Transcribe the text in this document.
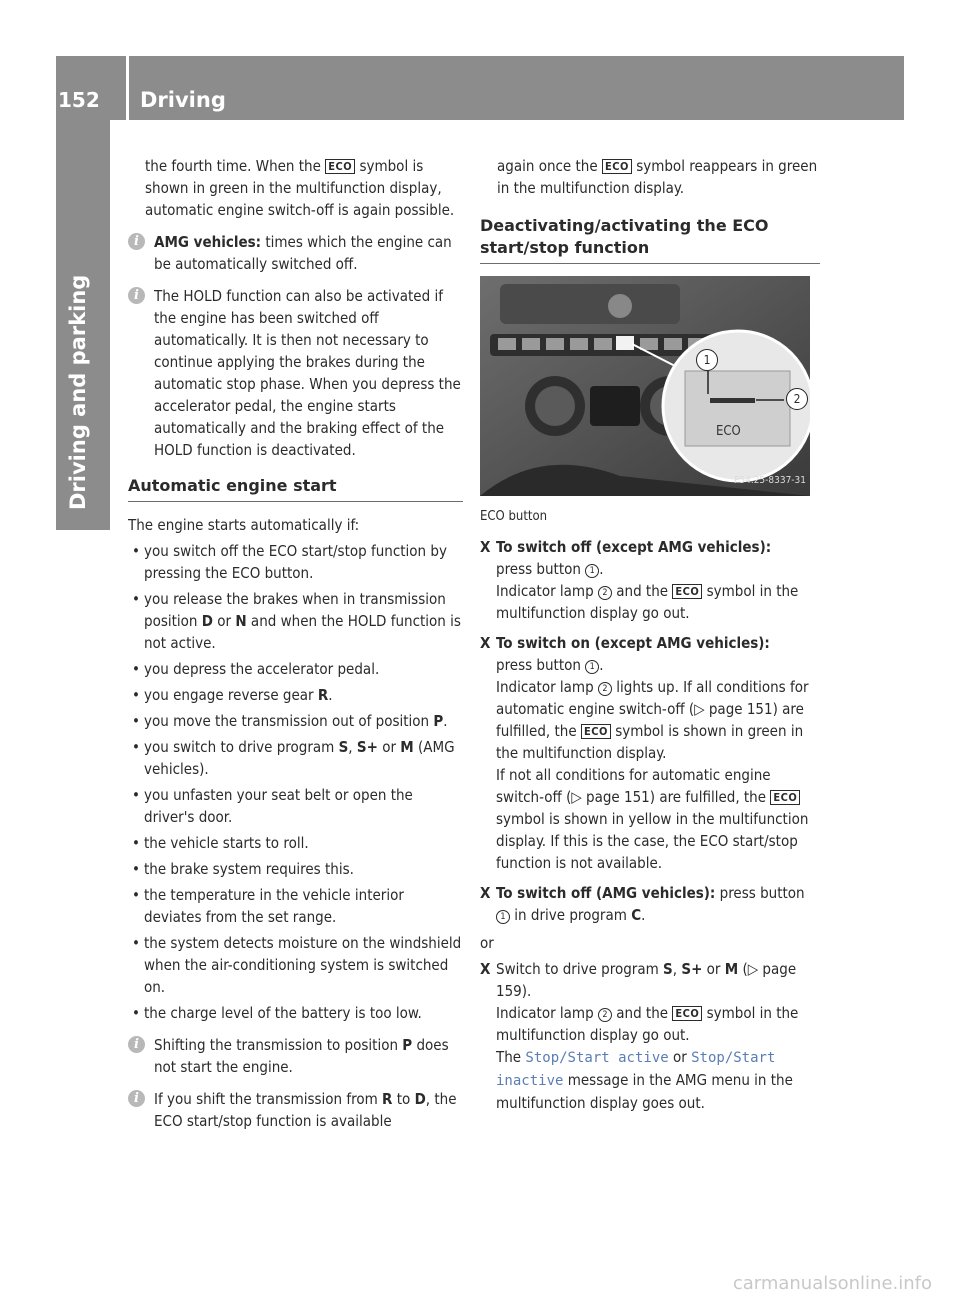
152	Driving
Driving and parking

the fourth time. When the ECO symbol is shown in green in the multifunction display, automatic engine switch-off is again possible.

i	AMG vehicles: times which the engine can be automatically switched off.

i	The HOLD function can also be activated if the engine has been switched off automatically. It is then not necessary to continue applying the brakes during the automatic stop phase. When you depress the accelerator pedal, the engine starts automatically and the braking effect of the HOLD function is deactivated.

Automatic engine start

The engine starts automatically if:

• you switch off the ECO start/stop function by pressing the ECO button.

• you release the brakes when in transmission position D or N and when the HOLD function is not active.

• you depress the accelerator pedal.

• you engage reverse gear R.

• you move the transmission out of position P.

• you switch to drive program S, S+ or M (AMG vehicles).

• you unfasten your seat belt or open the driver's door.

• the vehicle starts to roll.

• the brake system requires this.

• the temperature in the vehicle interior deviates from the set range.

• the system detects moisture on the windshield when the air-conditioning system is switched on.

• the charge level of the battery is too low.

i	Shifting the transmission to position P does not start the engine.

i	If you shift the transmission from R to D, the ECO start/stop function is available

again once the ECO symbol reappears in green in the multifunction display.

Deactivating/activating the ECO start/stop function
ECO
1
2
P54.25-8337-31

ECO button

X To switch off (except AMG vehicles):
press button 1 .
Indicator lamp 2 and the ECO symbol in the multifunction display go out.

X To switch on (except AMG vehicles):
press button 1 .
Indicator lamp 2 lights up. If all conditions for automatic engine switch-off (▷ page 151) are fulfilled, the ECO symbol is shown in green in the multifunction display.
If not all conditions for automatic engine switch-off (▷ page 151) are fulfilled, the ECO symbol is shown in yellow in the multifunction display. If this is the case, the ECO start/stop function is not available.

X To switch off (AMG vehicles): press button 1 in drive program C.

or

X Switch to drive program S, S+ or M (▷ page 159).
Indicator lamp 2 and the ECO symbol in the multifunction display go out.
The Stop/Start active or Stop/Start inactive message in the AMG menu in the multifunction display goes out.

carmanualsonline.info
